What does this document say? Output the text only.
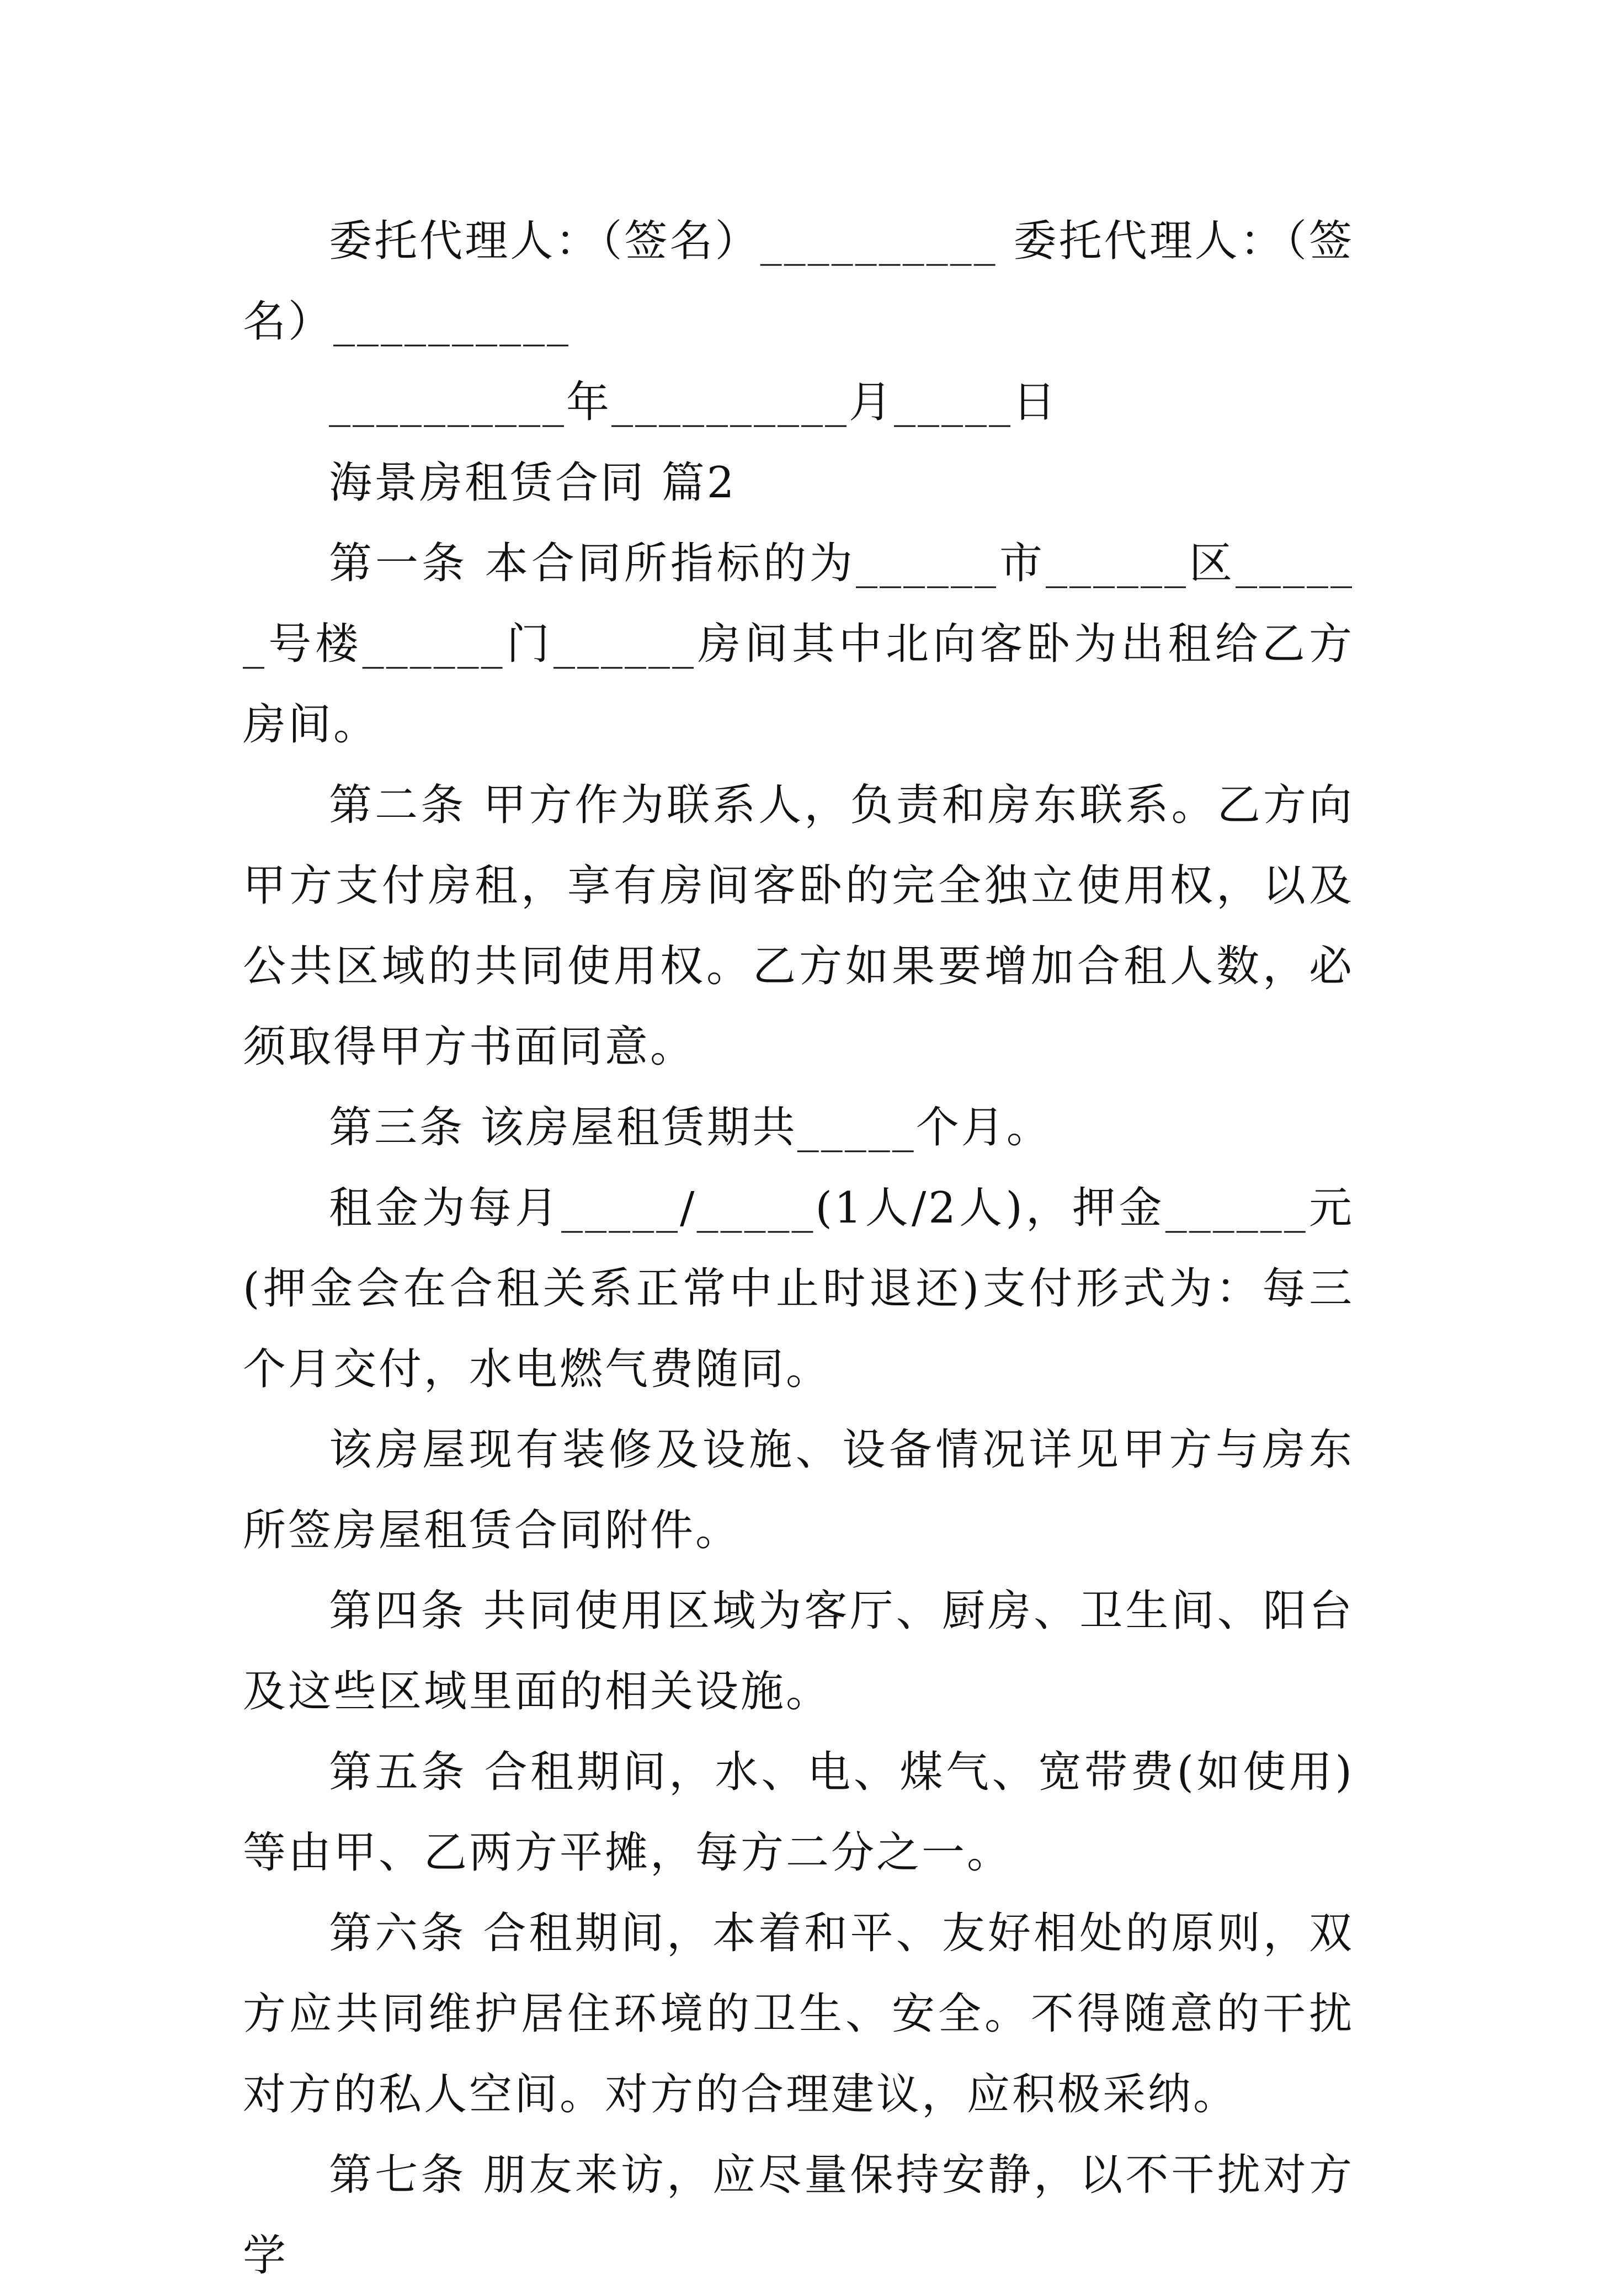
委托代理人：（签名）__________ 委托代理人：（签名）__________

__________年__________月_____日

海景房租赁合同 篇2

第一条 本合同所指标的为______市______区______号楼______门______房间其中北向客卧为出租给乙方房间。

第二条 甲方作为联系人，负责和房东联系。乙方向甲方支付房租，享有房间客卧的完全独立使用权，以及公共区域的共同使用权。乙方如果要增加合租人数，必须取得甲方书面同意。

第三条 该房屋租赁期共_____个月。

租金为每月_____/_____(1人/2人)，押金______元(押金会在合租关系正常中止时退还)支付形式为：每三个月交付，水电燃气费随同。

该房屋现有装修及设施、设备情况详见甲方与房东所签房屋租赁合同附件。

第四条 共同使用区域为客厅、厨房、卫生间、阳台及这些区域里面的相关设施。

第五条 合租期间，水、电、煤气、宽带费(如使用)等由甲、乙两方平摊，每方二分之一。

第六条 合租期间，本着和平、友好相处的原则，双方应共同维护居住环境的卫生、安全。不得随意的干扰对方的私人空间。对方的合理建议，应积极采纳。

第七条 朋友来访，应尽量保持安静，以不干扰对方学
